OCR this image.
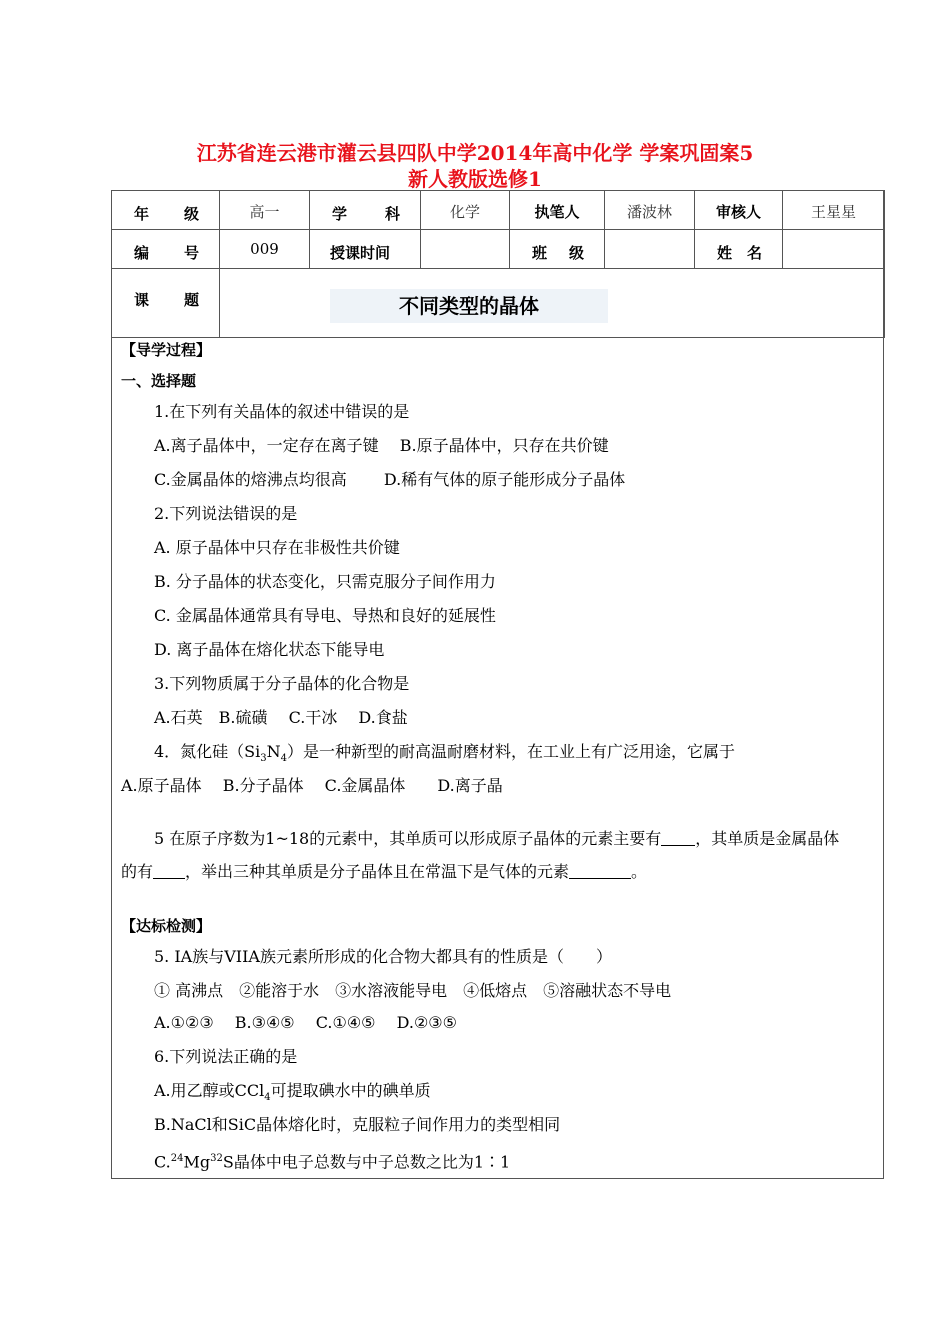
江苏省连云港市灌云县四队中学2014年高中化学 学案巩固案5
新人教版选修1
年 级	高一	学 科	化学	执笔人	潘波林	审核人	王星星

编 号	009	授课时间		班 级		姓 名	

课 题	不同类型的晶体						
【导学过程】
一、选择题
1.在下列有关晶体的叙述中错误的是
A.离子晶体中，一定存在离子键　 B.原子晶体中，只存在共价键
C.金属晶体的熔沸点均很高　　 D.稀有气体的原子能形成分子晶体
2.下列说法错误的是
A. 原子晶体中只存在非极性共价键
B. 分子晶体的状态变化，只需克服分子间作用力
C. 金属晶体通常具有导电、导热和良好的延展性
D. 离子晶体在熔化状态下能导电
3.下列物质属于分子晶体的化合物是
A.石英　B.硫磺　 C.干冰　 D.食盐
4．氮化硅$(Si_3N_4)$是一种新型的耐高温耐磨材料，在工业上有广泛用途，它属于
A.原子晶体　 B.分子晶体　 C.金属晶体　　D.离子晶
5 在原子序数为1~18的元素中，其单质可以形成原子晶体的元素主要有 ，其单质是金属晶体
的有 ，举出三种其单质是分子晶体且在常温下是气体的元素	。
【达标检测】
5. IA族与VIIA族元素所形成的化合物大都具有的性质是（　　）
① 高沸点　②能溶于水　③水溶液能导电　④低熔点　⑤溶融状态不导电
A.①②③　 B.③④⑤　 C.①④⑤　 D.②③⑤
6.下列说法正确的是
A.用乙醇或CCl$_4$可提取碘水中的碘单质
B.NaCl和SiC晶体熔化时，克服粒子间作用力的类型相同
C.$^{24}$Mg$^{32}$S晶体中电子总数与中子总数之比为1∶1
